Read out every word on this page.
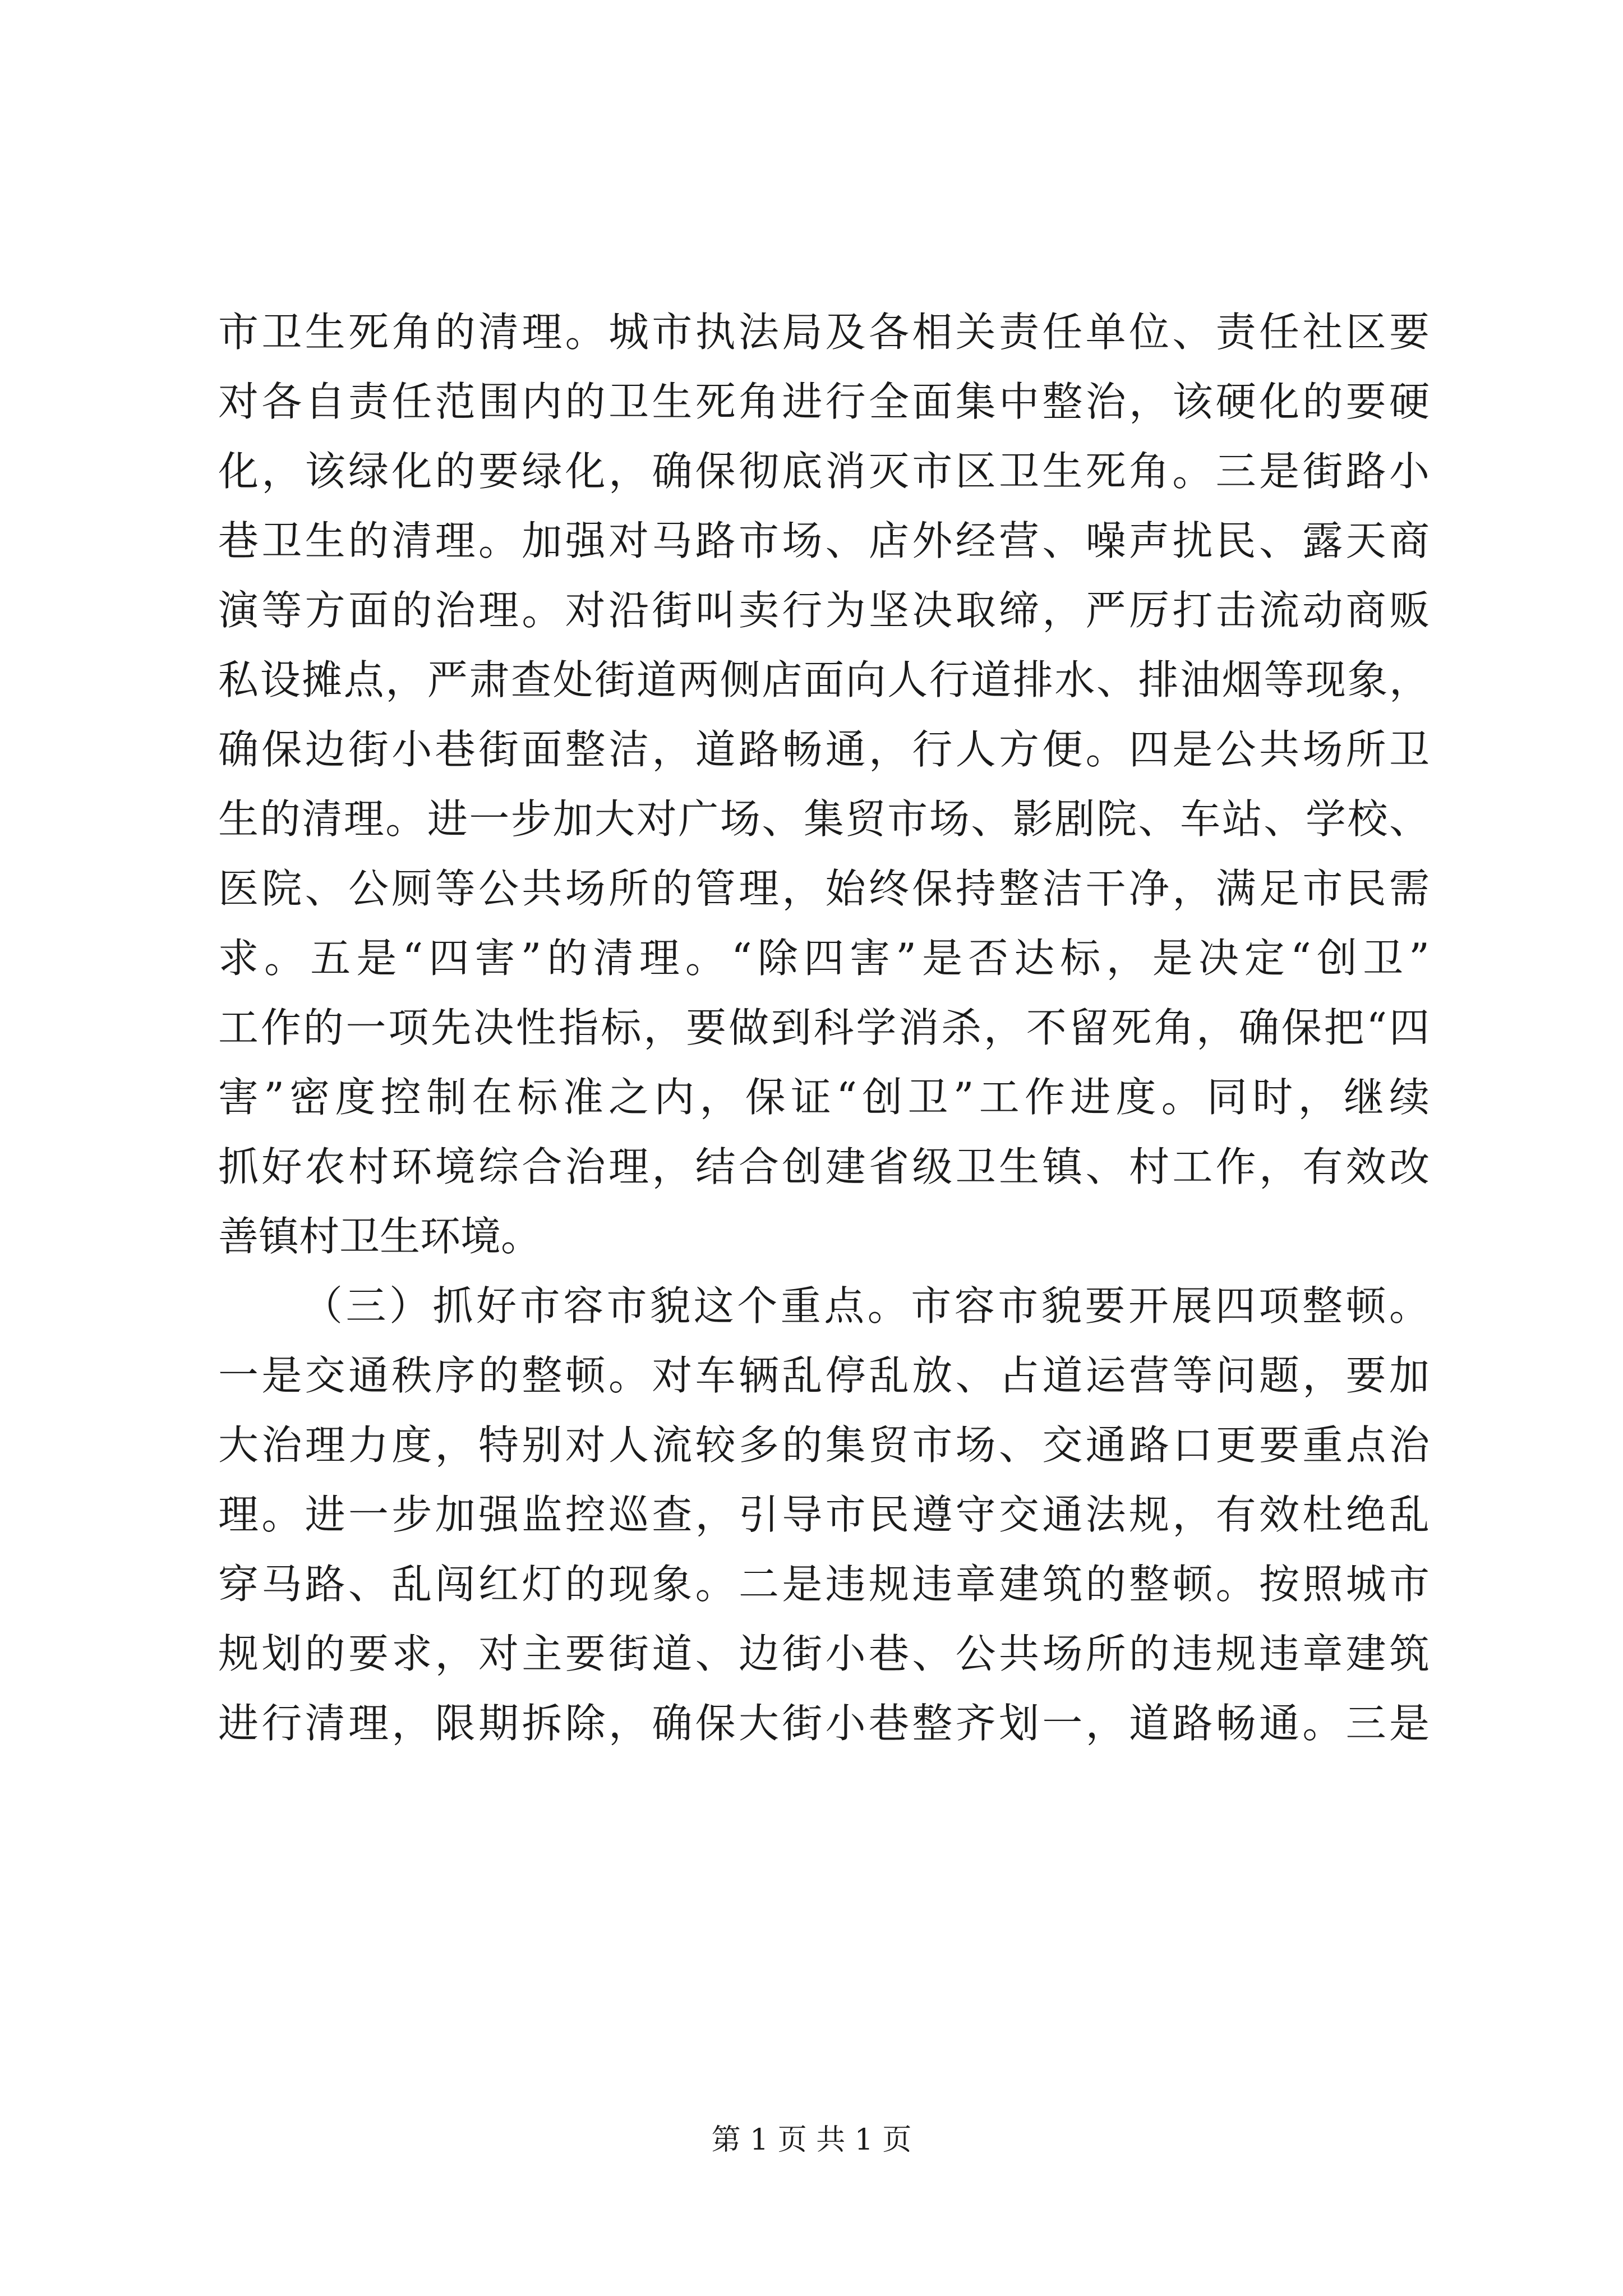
市卫生死角的清理。城市执法局及各相关责任单位、责任社区要
对各自责任范围内的卫生死角进行全面集中整治，该硬化的要硬
化，该绿化的要绿化，确保彻底消灭市区卫生死角。三是街路小
巷卫生的清理。加强对马路市场、店外经营、噪声扰民、露天商
演等方面的治理。对沿街叫卖行为坚决取缔，严厉打击流动商贩
私设摊点，严肃查处街道两侧店面向人行道排水、排油烟等现象，
确保边街小巷街面整洁，道路畅通，行人方便。四是公共场所卫
生的清理。进一步加大对广场、集贸市场、影剧院、车站、学校、
医院、公厕等公共场所的管理，始终保持整洁干净，满足市民需
求。五是“四害”的清理。“除四害”是否达标，是决定“创卫”
工作的一项先决性指标，要做到科学消杀，不留死角，确保把“四
害”密度控制在标准之内，保证“创卫”工作进度。同时，继续
抓好农村环境综合治理，结合创建省级卫生镇、村工作，有效改
善镇村卫生环境。
（三）抓好市容市貌这个重点。市容市貌要开展四项整顿。
一是交通秩序的整顿。对车辆乱停乱放、占道运营等问题，要加
大治理力度，特别对人流较多的集贸市场、交通路口更要重点治
理。进一步加强监控巡查，引导市民遵守交通法规，有效杜绝乱
穿马路、乱闯红灯的现象。二是违规违章建筑的整顿。按照城市
规划的要求，对主要街道、边街小巷、公共场所的违规违章建筑
进行清理，限期拆除，确保大街小巷整齐划一，道路畅通。三是
第 1 页 共 1 页
